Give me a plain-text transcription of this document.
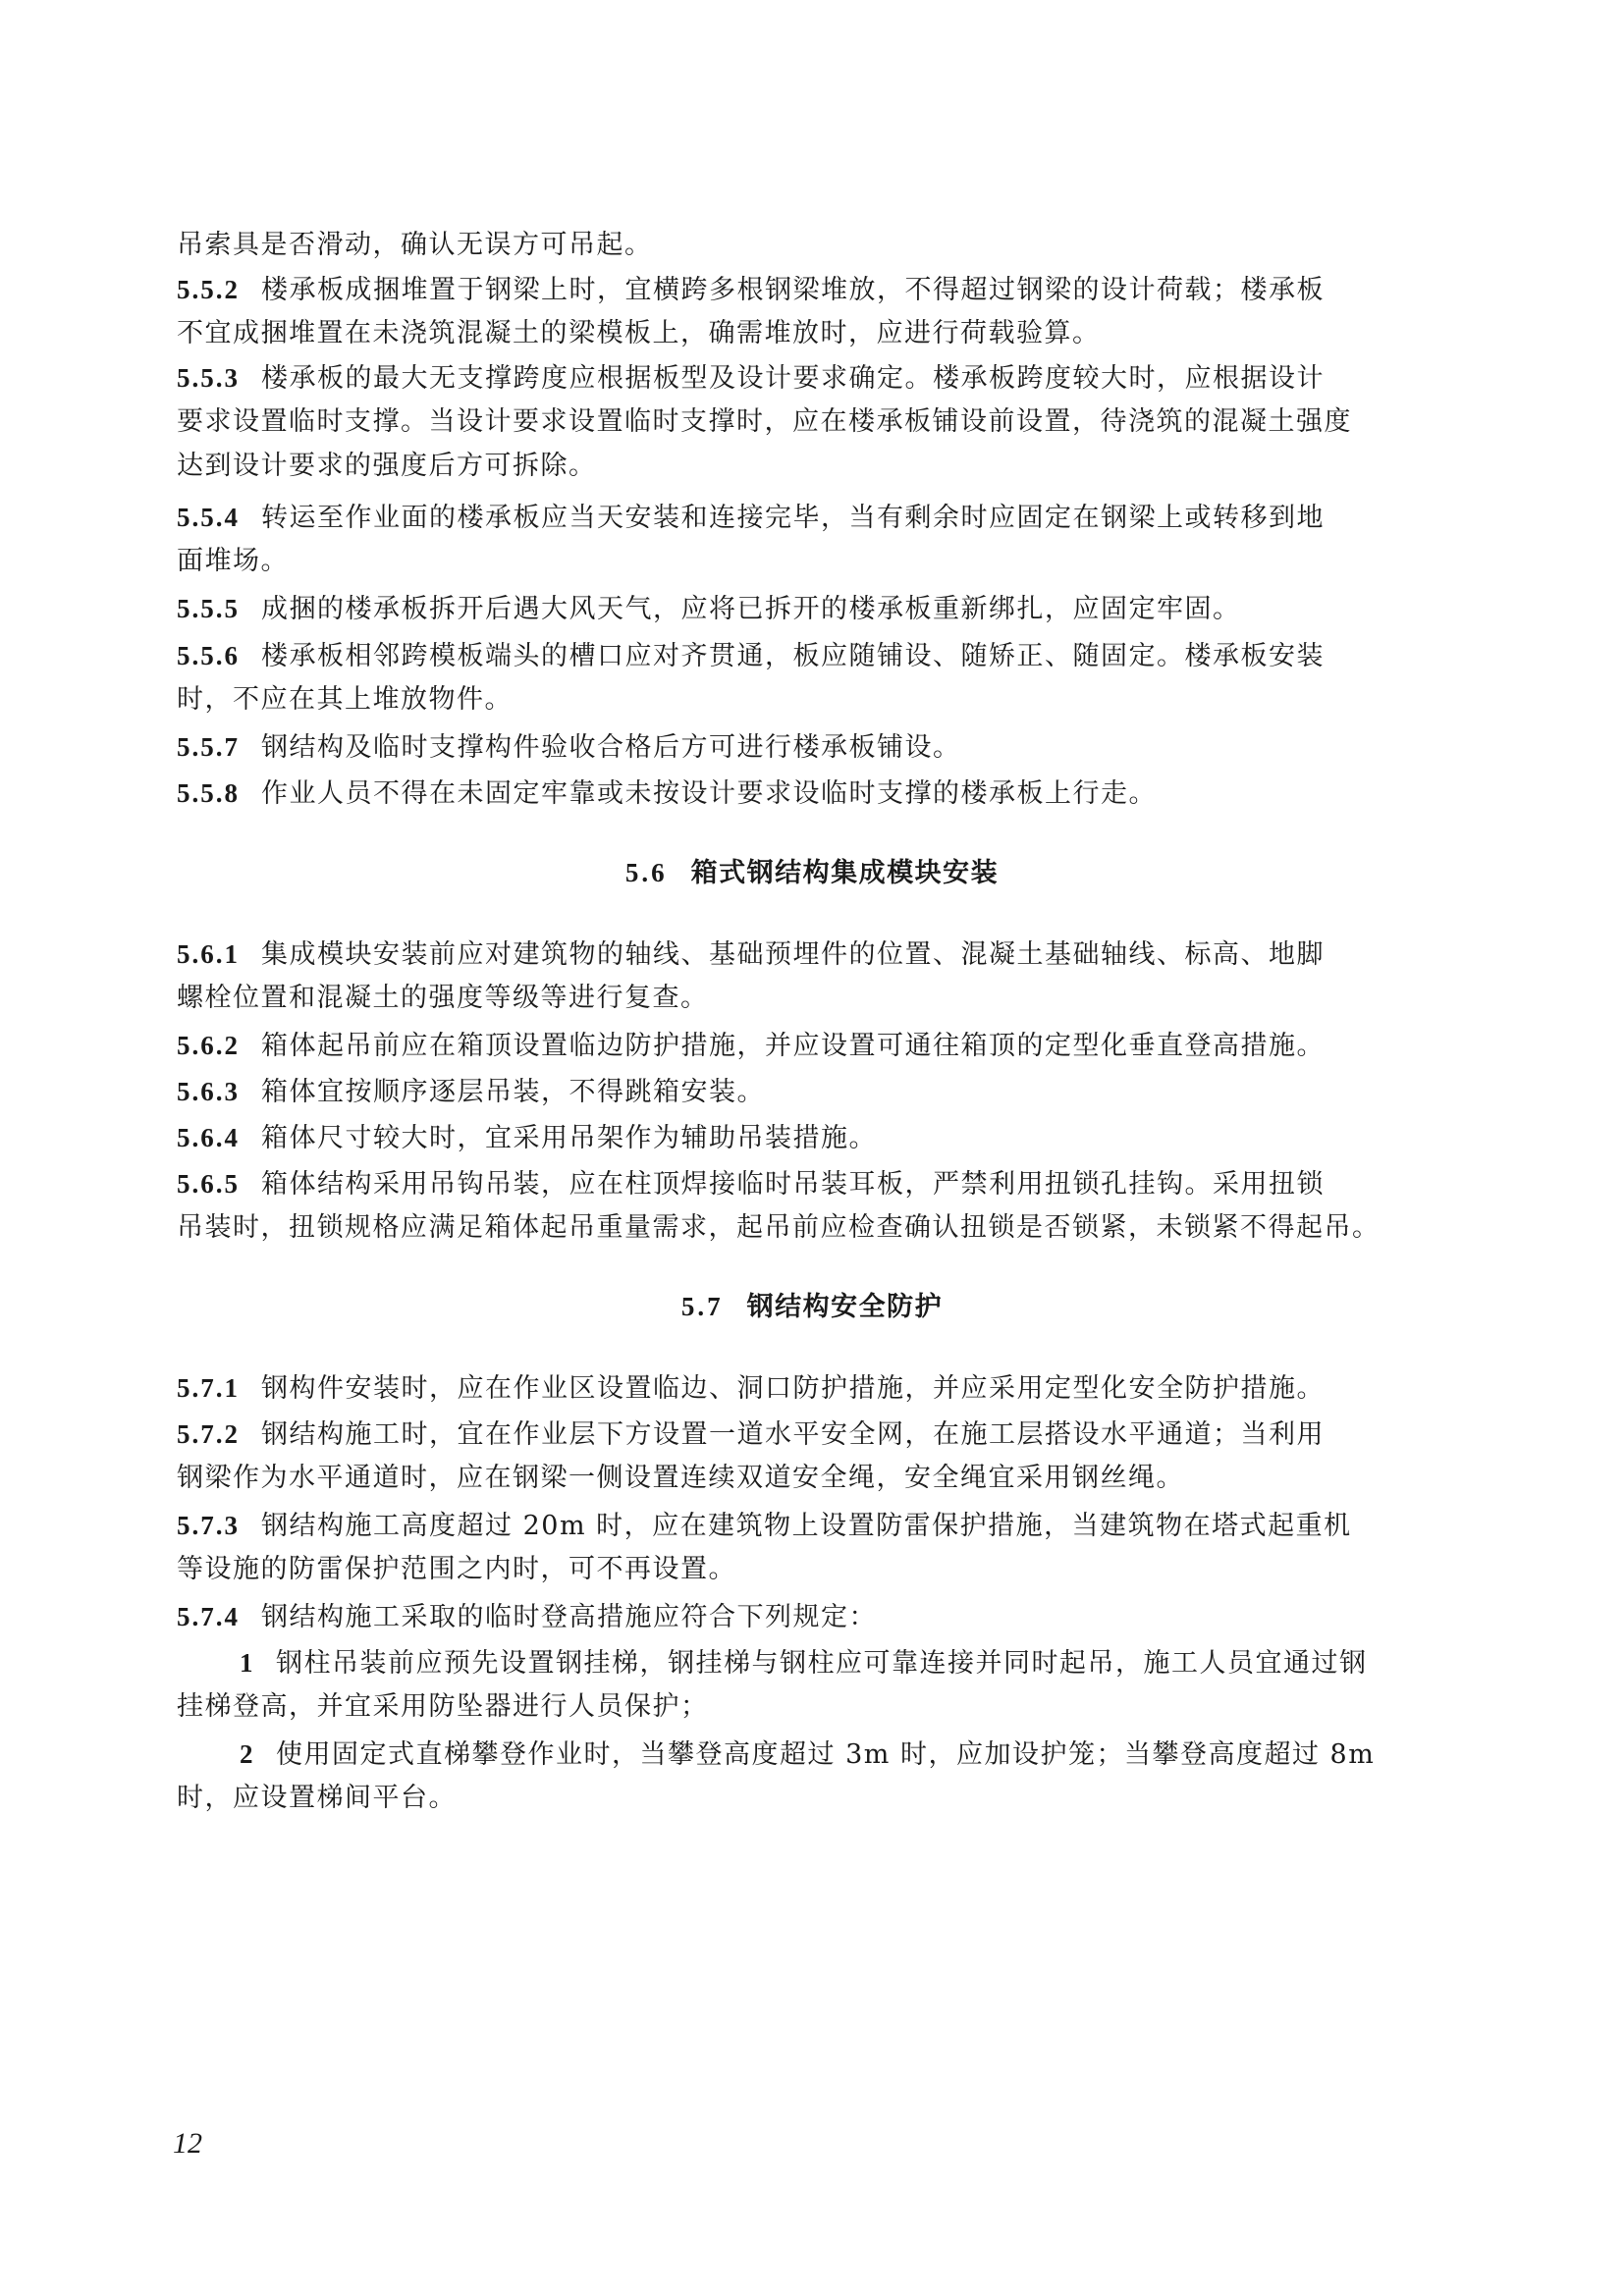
吊索具是否滑动，确认无误方可吊起。
5.5.2 楼承板成捆堆置于钢梁上时，宜横跨多根钢梁堆放，不得超过钢梁的设计荷载；楼承板
不宜成捆堆置在未浇筑混凝土的梁模板上，确需堆放时，应进行荷载验算。
5.5.3 楼承板的最大无支撑跨度应根据板型及设计要求确定。楼承板跨度较大时，应根据设计
要求设置临时支撑。当设计要求设置临时支撑时，应在楼承板铺设前设置，待浇筑的混凝土强度
达到设计要求的强度后方可拆除。
5.5.4 转运至作业面的楼承板应当天安装和连接完毕，当有剩余时应固定在钢梁上或转移到地
面堆场。
5.5.5 成捆的楼承板拆开后遇大风天气，应将已拆开的楼承板重新绑扎，应固定牢固。
5.5.6 楼承板相邻跨模板端头的槽口应对齐贯通，板应随铺设、随矫正、随固定。楼承板安装
时，不应在其上堆放物件。
5.5.7 钢结构及临时支撑构件验收合格后方可进行楼承板铺设。
5.5.8 作业人员不得在未固定牢靠或未按设计要求设临时支撑的楼承板上行走。
5.6 箱式钢结构集成模块安装
5.6.1 集成模块安装前应对建筑物的轴线、基础预埋件的位置、混凝土基础轴线、标高、地脚
螺栓位置和混凝土的强度等级等进行复查。
5.6.2 箱体起吊前应在箱顶设置临边防护措施，并应设置可通往箱顶的定型化垂直登高措施。
5.6.3 箱体宜按顺序逐层吊装，不得跳箱安装。
5.6.4 箱体尺寸较大时，宜采用吊架作为辅助吊装措施。
5.6.5 箱体结构采用吊钩吊装，应在柱顶焊接临时吊装耳板，严禁利用扭锁孔挂钩。采用扭锁
吊装时，扭锁规格应满足箱体起吊重量需求，起吊前应检查确认扭锁是否锁紧，未锁紧不得起吊。
5.7 钢结构安全防护
5.7.1 钢构件安装时，应在作业区设置临边、洞口防护措施，并应采用定型化安全防护措施。
5.7.2 钢结构施工时，宜在作业层下方设置一道水平安全网，在施工层搭设水平通道；当利用
钢梁作为水平通道时，应在钢梁一侧设置连续双道安全绳，安全绳宜采用钢丝绳。
5.7.3 钢结构施工高度超过 20m 时，应在建筑物上设置防雷保护措施，当建筑物在塔式起重机
等设施的防雷保护范围之内时，可不再设置。
5.7.4 钢结构施工采取的临时登高措施应符合下列规定：
1 钢柱吊装前应预先设置钢挂梯，钢挂梯与钢柱应可靠连接并同时起吊，施工人员宜通过钢
挂梯登高，并宜采用防坠器进行人员保护；
2 使用固定式直梯攀登作业时，当攀登高度超过 3m 时，应加设护笼；当攀登高度超过 8m
时，应设置梯间平台。
12
